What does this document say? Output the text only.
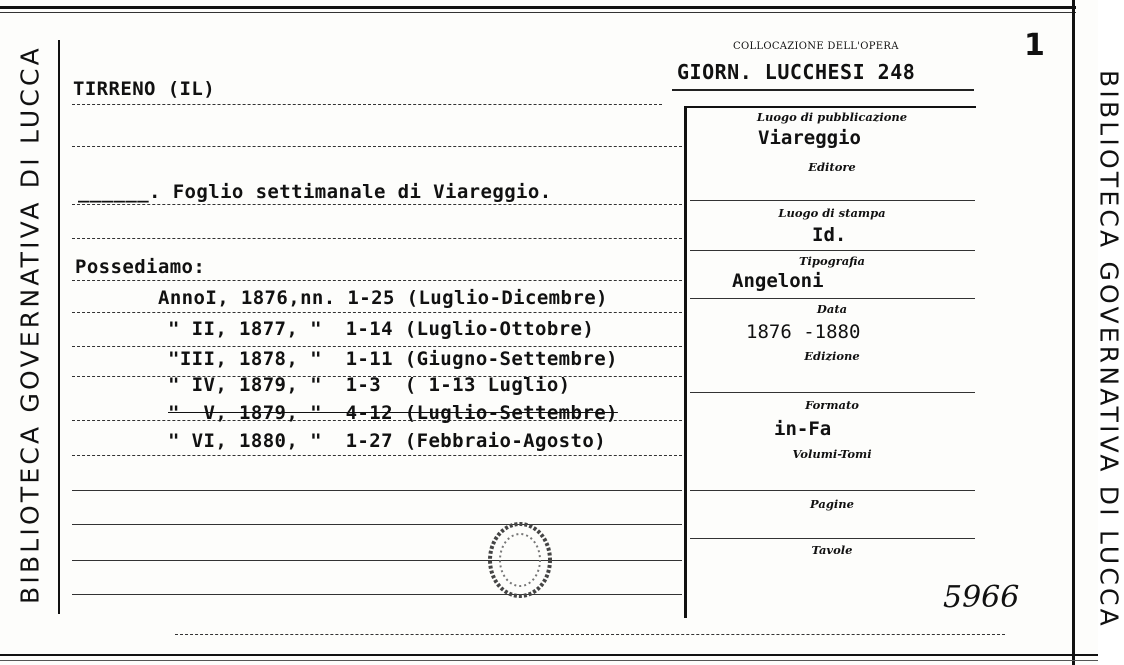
BIBLIOTECA GOVERNATIVA DI LUCCA	BIBLIOTECA GOVERNATIVA DI LUCCA
COLLOCAZIONE DELL'OPERA
GIORN. LUCCHESI 248
1
TIRRENO (IL)
______. Foglio settimanale di Viareggio.
Possediamo:
AnnoI, 1876,nn. 1-25 (Luglio-Dicembre)
" II, 1877, "  1-14 (Luglio-Ottobre)
"III, 1878, "  1-11 (Giugno-Settembre)
" IV, 1879, "  1-3  ( 1-13 Luglio)
"  V, 1879, "  4-12 (Luglio-Settembre)
" VI, 1880, "  1-27 (Febbraio-Agosto)
Luogo di pubblicazione
Viareggio
Editore
Luogo di stampa
Id.
Tipografia
Angeloni
Data
1876 -1880
Edizione
Formato
in-Fa
Volumi-Tomi
Pagine
Tavole
5966
